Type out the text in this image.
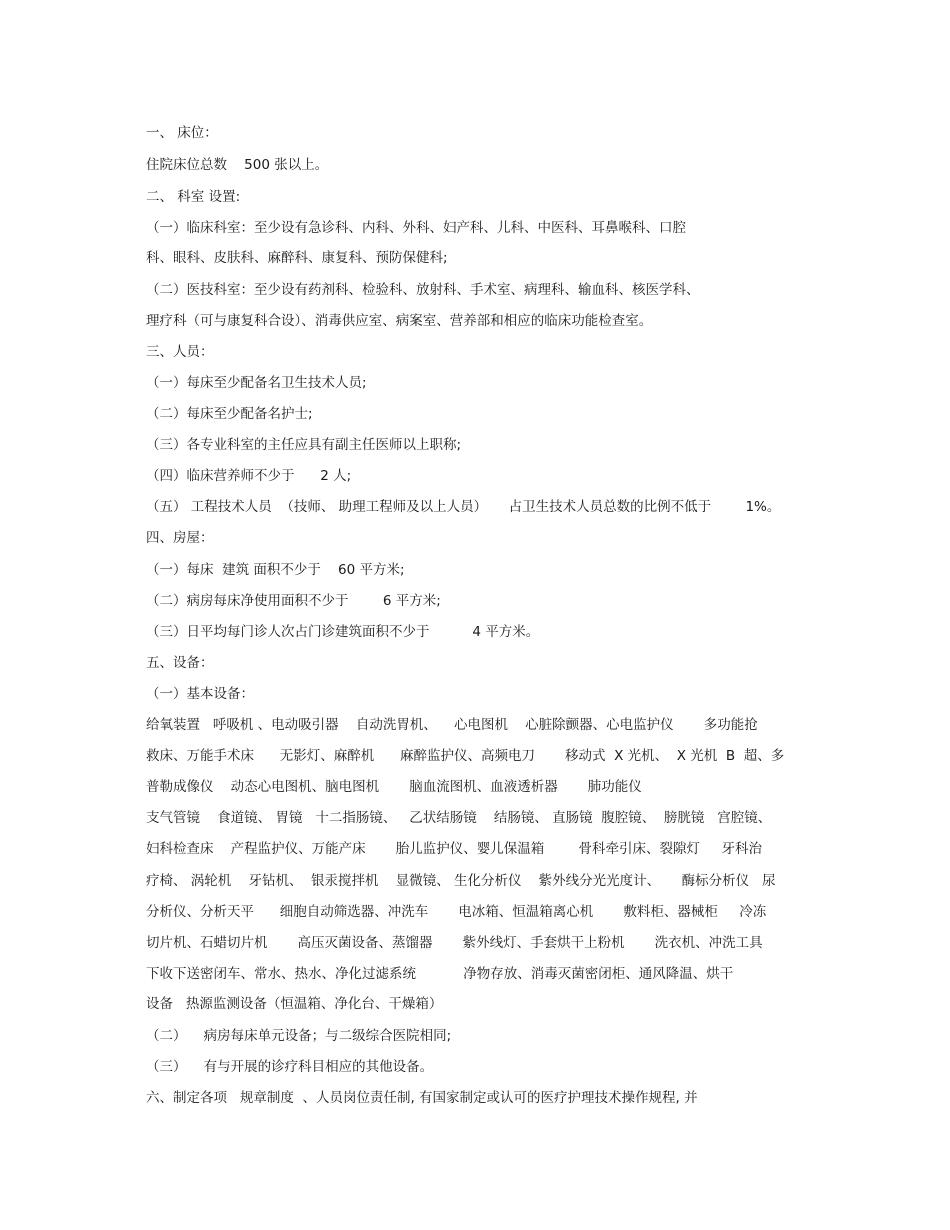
一、 床位：
住院床位总数    500 张以上。
二、 科室 设置:
（一）临床科室：至少设有急诊科、内科、外科、妇产科、儿科、中医科、耳鼻喉科、口腔
科、眼科、皮肤科、麻醉科、康复科、预防保健科;
（二）医技科室：至少设有药剂科、检验科、放射科、手术室、病理科、输血科、核医学科、
理疗科（可与康复科合设）、消毒供应室、病案室、营养部和相应的临床功能检查室。
三、人员：
（一）每床至少配备名卫生技术人员;
（二）每床至少配备名护士;
（三）各专业科室的主任应具有副主任医师以上职称;
（四）临床营养师不少于      2 人;
（五） 工程技术人员  （技师、 助理工程师及以上人员）     占卫生技术人员总数的比例不低于        1%。
四、房屋：
（一）每床  建筑 面积不少于    60 平方米;
（二）病房每床净使用面积不少于        6 平方米;
（三）日平均每门诊人次占门诊建筑面积不少于          4 平方米。
五、设备：
（一）基本设备：
给氧装置   呼吸机 、电动吸引器    自动洗胃机、    心电图机    心脏除颤器、心电监护仪       多功能抢
救床、万能手术床      无影灯、麻醉机      麻醉监护仪、高频电刀       移动式  X 光机、  X 光机  B  超、多
普勒成像仪    动态心电图机、脑电图机       脑血流图机、血液透析器       肺功能仪
支气管镜    食道镜、 胃镜   十二指肠镜、   乙状结肠镜    结肠镜、 直肠镜  腹腔镜、  膀胱镜   宫腔镜、
妇科检查床    产程监护仪、万能产床       胎儿监护仪、婴儿保温箱        骨科牵引床、裂隙灯     牙科治
疗椅、 涡轮机    牙钻机、  银汞搅拌机    显微镜、 生化分析仪    紫外线分光光度计、     酶标分析仪   尿
分析仪、分析天平      细胞自动筛选器、冲洗车       电冰箱、恒温箱离心机       敷料柜、器械柜     冷冻
切片机、石蜡切片机       高压灭菌设备、蒸馏器       紫外线灯、手套烘干上粉机       洗衣机、冲洗工具
下收下送密闭车、常水、热水、净化过滤系统           净物存放、消毒灭菌密闭柜、通风降温、烘干
设备   热源监测设备（恒温箱、净化台、干燥箱）
（二）    病房每床单元设备；与二级综合医院相同;
（三）    有与开展的诊疗科目相应的其他设备。
六、制定各项   规章制度  、人员岗位责任制, 有国家制定或认可的医疗护理技术操作规程, 并
